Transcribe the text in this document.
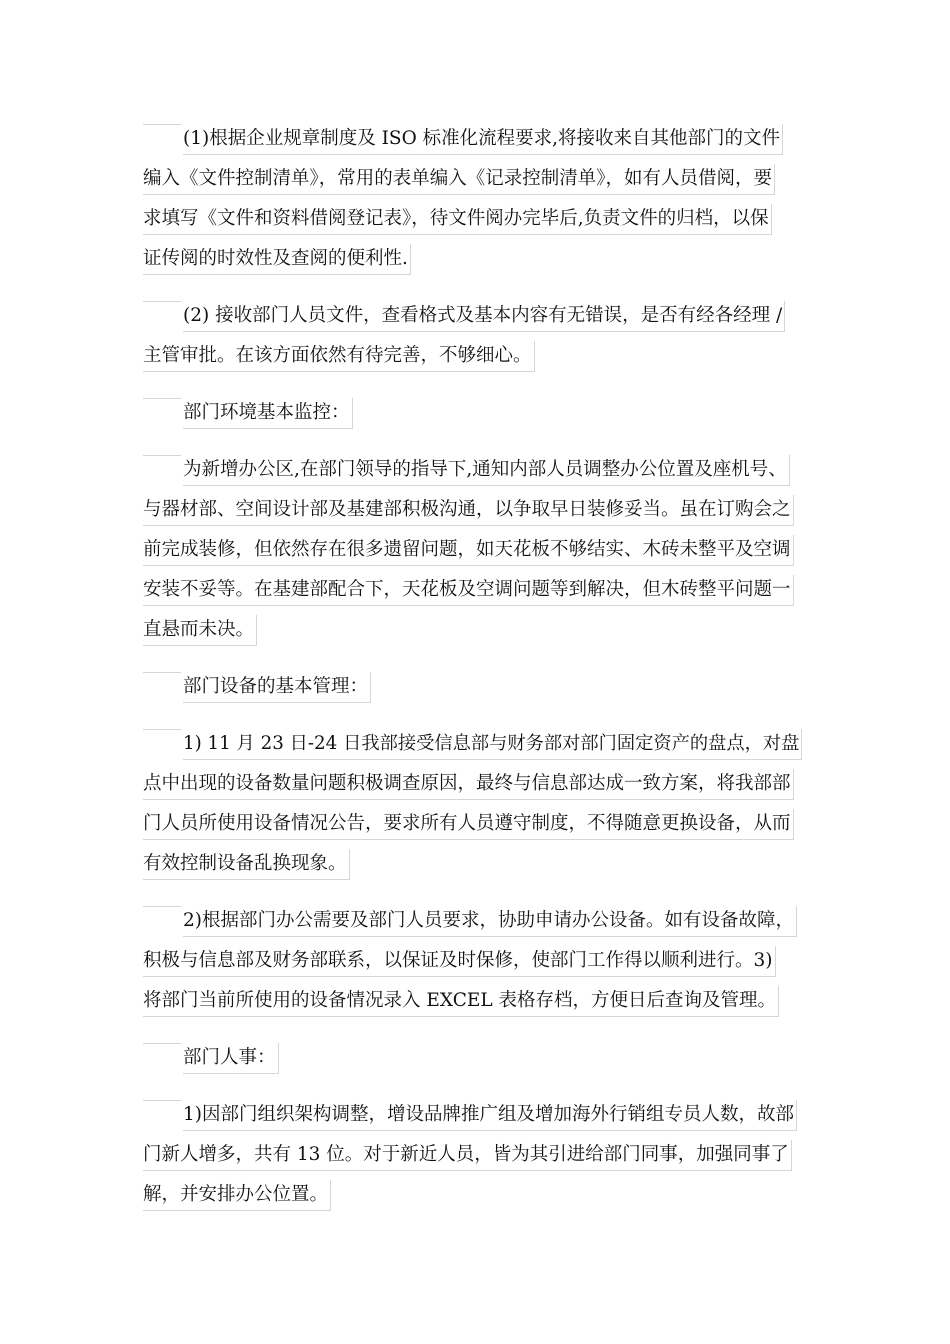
(1)根据企业规章制度及 ISO 标准化流程要求,将接收来自其他部门的文件
编入《文件控制清单》，常用的表单编入《记录控制清单》，如有人员借阅，要
求填写《文件和资料借阅登记表》，待文件阅办完毕后,负责文件的归档，以保
证传阅的时效性及查阅的便利性.
(2) 接收部门人员文件，查看格式及基本内容有无错误，是否有经各经理 /
主管审批。在该方面依然有待完善，不够细心。
部门环境基本监控：
为新增办公区,在部门领导的指导下,通知内部人员调整办公位置及座机号、
与器材部、空间设计部及基建部积极沟通，以争取早日装修妥当。虽在订购会之
前完成装修，但依然存在很多遗留问题，如天花板不够结实、木砖未整平及空调
安装不妥等。在基建部配合下，天花板及空调问题等到解决，但木砖整平问题一
直悬而未决。
部门设备的基本管理：
1) 11 月 23 日-24 日我部接受信息部与财务部对部门固定资产的盘点，对盘
点中出现的设备数量问题积极调查原因，最终与信息部达成一致方案，将我部部
门人员所使用设备情况公告，要求所有人员遵守制度，不得随意更换设备，从而
有效控制设备乱换现象。
2)根据部门办公需要及部门人员要求，协助申请办公设备。如有设备故障，
积极与信息部及财务部联系，以保证及时保修，使部门工作得以顺利进行。3)
将部门当前所使用的设备情况录入 EXCEL 表格存档，方便日后查询及管理。
部门人事：
1)因部门组织架构调整，增设品牌推广组及增加海外行销组专员人数，故部
门新人增多，共有 13 位。对于新近人员，皆为其引进给部门同事，加强同事了
解，并安排办公位置。
